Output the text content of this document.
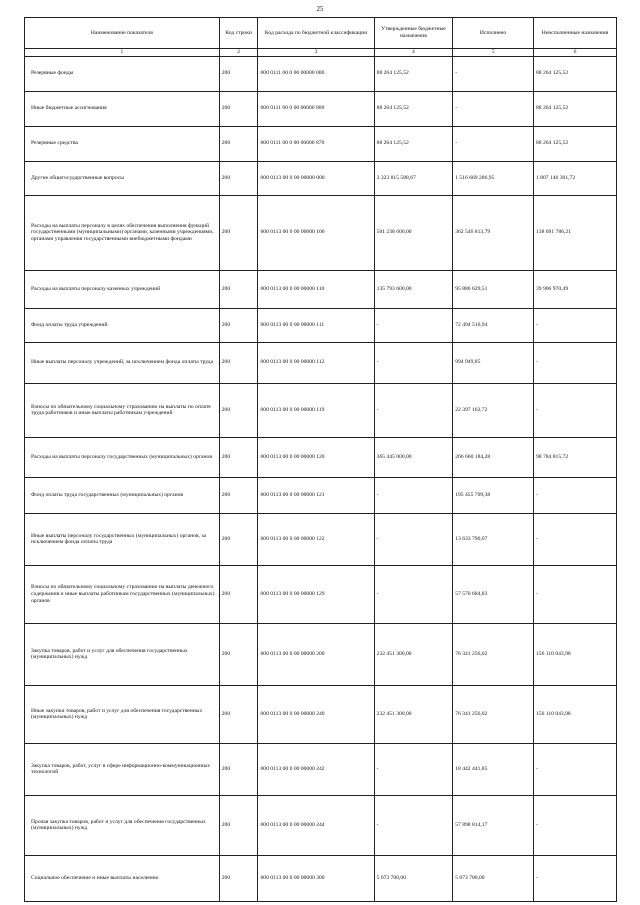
25
Наименование показателя	Код строки	Код расхода по бюджетной классификации	Утвержденные бюджетные назначения	Исполнено	Неисполненные назначения
1	2	3	4	5	6
Резервные фонды	200	000 0111 00 0 00 00000 000	88 264 125,52	-	88 264 125,52
Иные бюджетные ассигнования	200	000 0111 00 0 00 00000 800	88 264 125,52	-	88 264 125,52
Резервные средства	200	000 0111 00 0 00 00000 870	88 264 125,52	-	88 264 125,52
Другие общегосударственные вопросы	200	000 0113 00 0 00 00000 000	3 323 815 588,67	1 516 669 286,95	1 807 146 301,72
Расходы на выплаты персоналу в целях обеспечения выполнения функций государственными (муниципальными) органами, казенными учреждениями, органами управления государственными внебюджетными фондами	200	000 0113 00 0 00 00000 100	501 238 600,00	362 546 813,79	138 691 786,21
Расходы на выплаты персоналу казенных учреждений	200	000 0113 00 0 00 00000 110	135 793 600,00	95 886 629,51	39 906 970,49
Фонд оплаты труда учреждений	200	000 0113 00 0 00 00000 111	-	72 494 516,94	-
Иные выплаты персоналу учреждений, за исключением фонда оплаты труда	200	000 0113 00 0 00 00000 112	-	994 949,85	-
Взносы по обязательному социальному страхованию на выплаты по оплате труда работников и иные выплаты работникам учреждений	200	000 0113 00 0 00 00000 119	-	22 397 162,72	-
Расходы на выплаты персоналу государственных (муниципальных) органов	200	000 0113 00 0 00 00000 120	365 445 000,00	266 660 184,28	98 784 815,72
Фонд оплаты труда государственных (муниципальных) органов	200	000 0113 00 0 00 00000 121	-	195 455 709,38	-
Иные выплаты персоналу государственных (муниципальных) органов, за исключением фонда оплаты труда	200	000 0113 00 0 00 00000 122	-	13 633 790,07	-
Взносы по обязательному социальному страхованию на выплаты денежного содержания и иные выплаты работникам государственных (муниципальных) органов	200	000 0113 00 0 00 00000 129	-	57 570 684,83	-
Закупка товаров, работ и услуг для обеспечения государственных (муниципальных) нужд	200	000 0113 00 0 00 00000 200	232 451 300,00	76 341 256,02	156 110 043,98
Иные закупки товаров, работ и услуг для обеспечения государственных (муниципальных) нужд	200	000 0113 00 0 00 00000 240	232 451 300,00	76 341 256,02	156 110 043,98
Закупка товаров, работ, услуг в сфере информационно-коммуникационных технологий	200	000 0113 00 0 00 00000 242	-	18 442 441,85	-
Прочая закупка товаров, работ и услуг для обеспечения государственных (муниципальных) нужд	200	000 0113 00 0 00 00000 244	-	57 898 814,17	-
Социальное обеспечение и иные выплаты населению	200	000 0113 00 0 00 00000 300	5 073 700,00	5 073 700,00	-
